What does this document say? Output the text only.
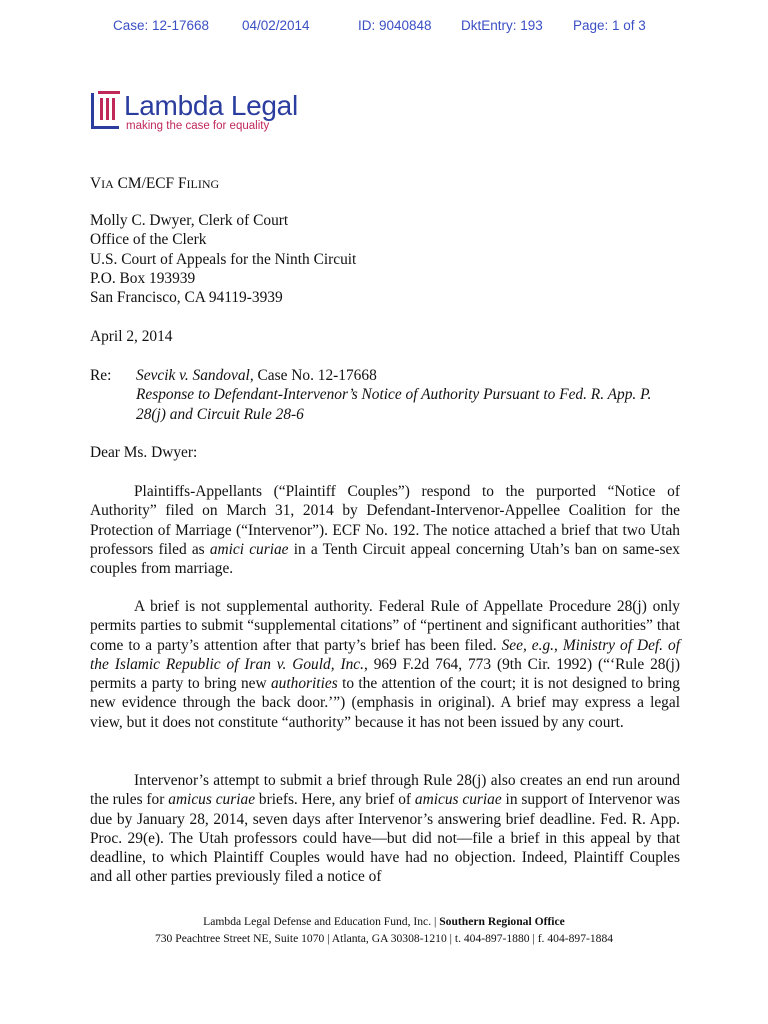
Case: 12-17668 04/02/2014	ID: 9040848 DktEntry: 193 Page: 1 of 3
Lambda Legal
making the case for equality
VIA CM/ECF FILING
Molly C. Dwyer, Clerk of Court
Office of the Clerk
U.S. Court of Appeals for the Ninth Circuit
P.O. Box 193939
San Francisco, CA 94119-3939
April 2, 2014
Re: Sevcik v. Sandoval, Case No. 12-17668
Response to Defendant-Intervenor’s Notice of Authority Pursuant to Fed. R. App. P. 28(j) and Circuit Rule 28-6
Dear Ms. Dwyer:

Plaintiffs-Appellants (“Plaintiff Couples”) respond to the purported “Notice of Authority” filed on March 31, 2014 by Defendant-Intervenor-Appellee Coalition for the Protection of Marriage (“Intervenor”). ECF No. 192. The notice attached a brief that two Utah professors filed as amici curiae in a Tenth Circuit appeal concerning Utah’s ban on same-sex couples from marriage.

A brief is not supplemental authority. Federal Rule of Appellate Procedure 28(j) only permits parties to submit “supplemental citations” of “pertinent and significant authorities” that come to a party’s attention after that party’s brief has been filed. See, e.g., Ministry of Def. of the Islamic Republic of Iran v. Gould, Inc., 969 F.2d 764, 773 (9th Cir. 1992) (“‘Rule 28(j) permits a party to bring new authorities to the attention of the court; it is not designed to bring new evidence through the back door.’”) (emphasis in original). A brief may express a legal view, but it does not constitute “authority” because it has not been issued by any court.

Intervenor’s attempt to submit a brief through Rule 28(j) also creates an end run around the rules for amicus curiae briefs. Here, any brief of amicus curiae in support of Intervenor was due by January 28, 2014, seven days after Intervenor’s answering brief deadline. Fed. R. App. Proc. 29(e). The Utah professors could have—but did not—file a brief in this appeal by that deadline, to which Plaintiff Couples would have had no objection. Indeed, Plaintiff Couples and all other parties previously filed a notice of

Lambda Legal Defense and Education Fund, Inc. | Southern Regional Office
730 Peachtree Street NE, Suite 1070 | Atlanta, GA 30308-1210 | t. 404-897-1880 | f. 404-897-1884
